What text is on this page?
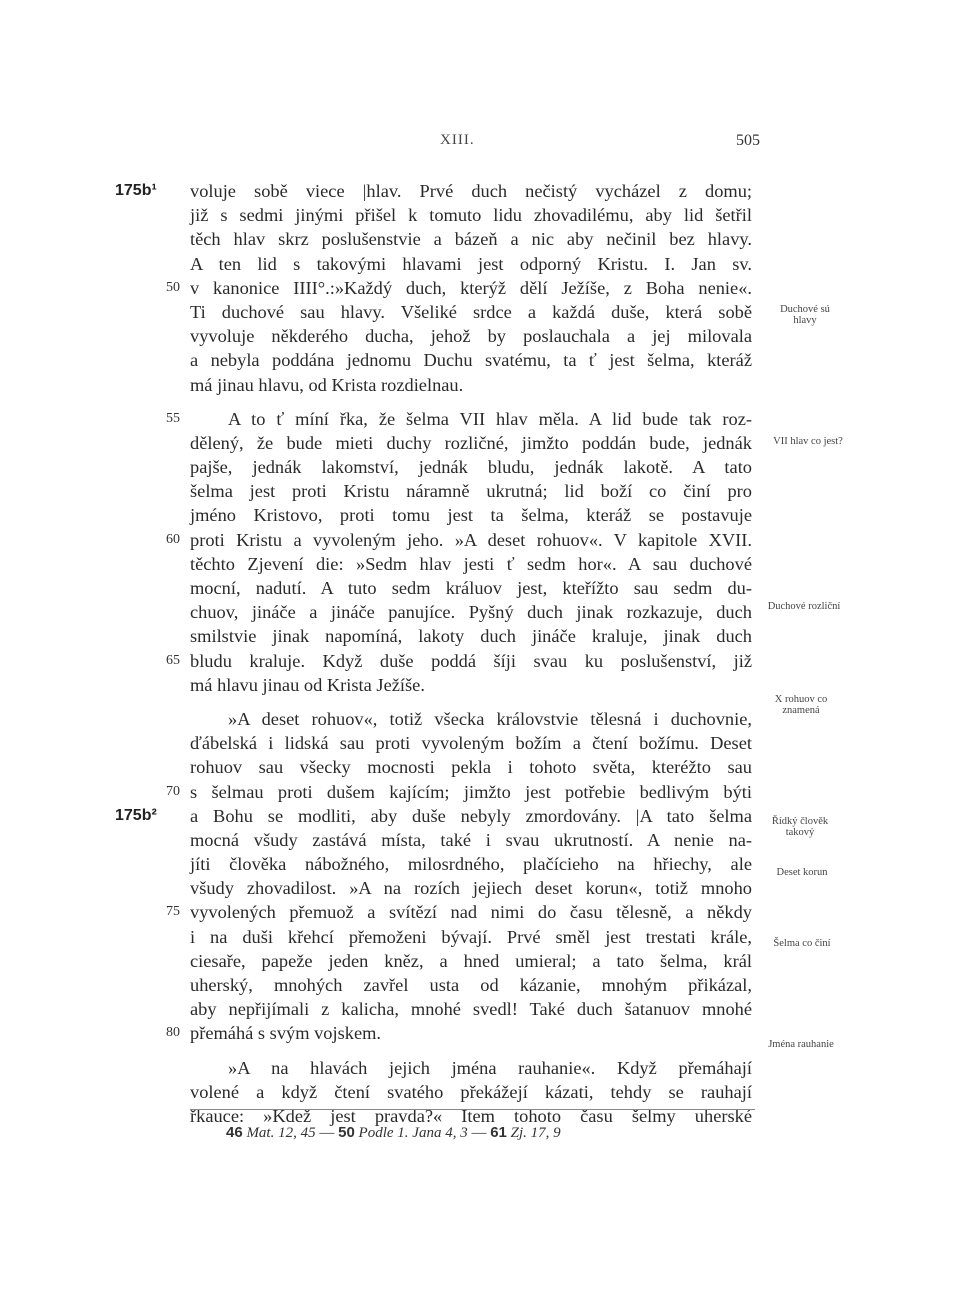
XIII.	505
175b¹ voluje sobě viece |hlav. Prvé duch nečistý vycházel z domu;
již s sedmi jinými přišel k tomuto lidu zhovadilému, aby lid šetřil
těch hlav skrz poslušenstvie a bázeň a nic aby nečinil bez hlavy.
A ten lid s takovými hlavami jest odporný Kristu. I. Jan sv.
50 v kanonice IIII°.:»Každý duch, kterýž dělí Ježíše, z Boha nenie«.
Ti duchové sau hlavy. Všeliké srdce a každá duše, která sobě
vyvoluje někderého ducha, jehož by poslauchala a jej milovala
a nebyla poddána jednomu Duchu svatému, ta ť jest šelma, kteráž
má jinau hlavu, od Krista rozdielnau.
55	A to ť míní řka, že šelma VII hlav měla. A lid bude tak roz-
dělený, že bude mieti duchy rozličné, jimžto poddán bude, jednák
pajše, jednák lakomství, jednák bludu, jednák lakotě. A tato
šelma jest proti Kristu náramně ukrutná; lid boží co činí pro
jméno Kristovo, proti tomu jest ta šelma, kteráž se postavuje
60 proti Kristu a vyvoleným jeho. »A deset rohuov«. V kapitole XVII.
těchto Zjevení die: »Sedm hlav jesti ť sedm hor«. A sau duchové
mocní, nadutí. A tuto sedm králuov jest, kteřížto sau sedm du-
chuov, jináče a jináče panujíce. Pyšný duch jinak rozkazuje, duch
smilstvie jinak napomíná, lakoty duch jináče kraluje, jinak duch
65 bludu kraluje. Když duše poddá šíji svau ku poslušenství, již
má hlavu jinau od Krista Ježíše.
»A deset rohuov«, totiž všecka královstvie tělesná i duchovnie,
ďábelská i lidská sau proti vyvoleným božím a čtení božímu. Deset
rohuov sau všecky mocnosti pekla i tohoto světa, kteréžto sau
70 s šelmau proti dušem kajícím; jimžto jest potřebie bedlivým býti
175b² a Bohu se modliti, aby duše nebyly zmordovány. |A tato šelma
mocná všudy zastává místa, také i svau ukrutností. A nenie na-
jíti člověka nábožného, milosrdného, plačícieho na hřiechy, ale
všudy zhovadilost. »A na rozích jejiech deset korun«, totiž mnoho
75 vyvolených přemuož a svítězí nad nimi do času tělesně, a někdy
i na duši křehcí přemoženi bývají. Prvé směl jest trestati krále,
ciesaře, papeže jeden kněz, a hned umieral; a tato šelma, král
uherský, mnohých zavřel usta od kázanie, mnohým přikázal,
aby nepřijímali z kalicha, mnohé svedl! Také duch šatanuov mnohé
80 přemáhá s svým vojskem.
»A na hlavách jejich jména rauhanie«. Když přemáhají
volené a když čtení svatého překážejí kázati, tehdy se rauhají
řkauce: »Kdež jest pravda?« Item tohoto času šelmy uherské
Duchové sú hlavy
VII hlav co jest?
Duchové rozliční
X rohuov co znamená
Řídký člověk takový
Deset korun
Šelma co činí
Jména rauhanie
46 Mat. 12, 45 — 50 Podle 1. Jana 4, 3 — 61 Zj. 17, 9
